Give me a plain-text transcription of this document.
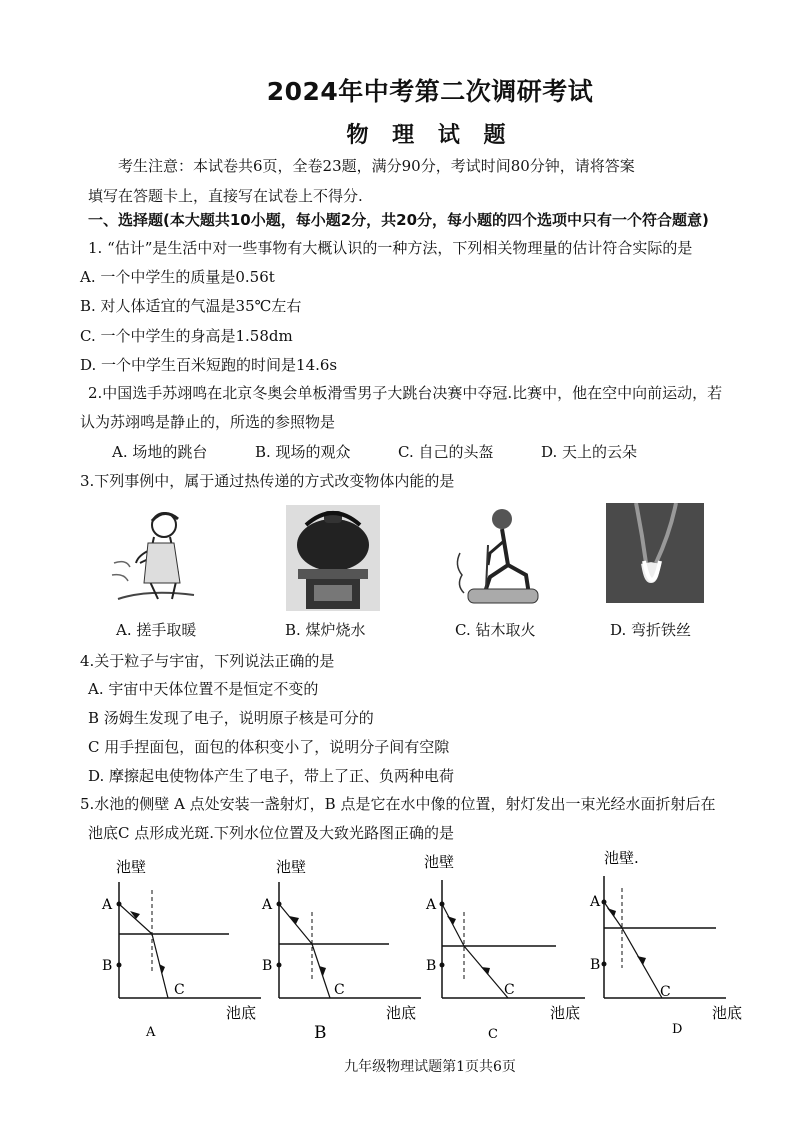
2024年中考第二次调研考试
物 理 试 题
考生注意：本试卷共6页，全卷23题，满分90分，考试时间80分钟，请将答案
填写在答题卡上，直接写在试卷上不得分.
一、选择题(本大题共10小题，每小题2分，共20分，每小题的四个选项中只有一个符合题意)
1. “估计”是生活中对一些事物有大概认识的一种方法，下列相关物理量的估计符合实际的是
A. 一个中学生的质量是0.56t
B. 对人体适宜的气温是35℃左右
C. 一个中学生的身高是1.58dm
D. 一个中学生百米短跑的时间是14.6s
2.中国选手苏翊鸣在北京冬奥会单板滑雪男子大跳台决赛中夺冠.比赛中，他在空中向前运动，若
认为苏翊鸣是静止的，所选的参照物是
A. 场地的跳台	B. 现场的观众	C. 自己的头盔	D. 天上的云朵
3.下列事例中，属于通过热传递的方式改变物体内能的是
A. 搓手取暖	B. 煤炉烧水	C. 钻木取火	D. 弯折铁丝
4.关于粒子与宇宙，下列说法正确的是
A. 宇宙中天体位置不是恒定不变的
B 汤姆生发现了电子，说明原子核是可分的
C 用手捏面包，面包的体积变小了，说明分子间有空隙
D. 摩擦起电使物体产生了电子，带上了正、负两种电荷
5.水池的侧壁 A 点处安装一盏射灯，B 点是它在水中像的位置，射灯发出一束光经水面折射后在
池底C 点形成光斑.下列水位位置及大致光路图正确的是
池壁
池底
A
B
C
A
池壁
池底
A
B
C
B
池壁
池底
A
B
C
C
池壁.
池底
A
B
C
D
九年级物理试题第1页共6页
